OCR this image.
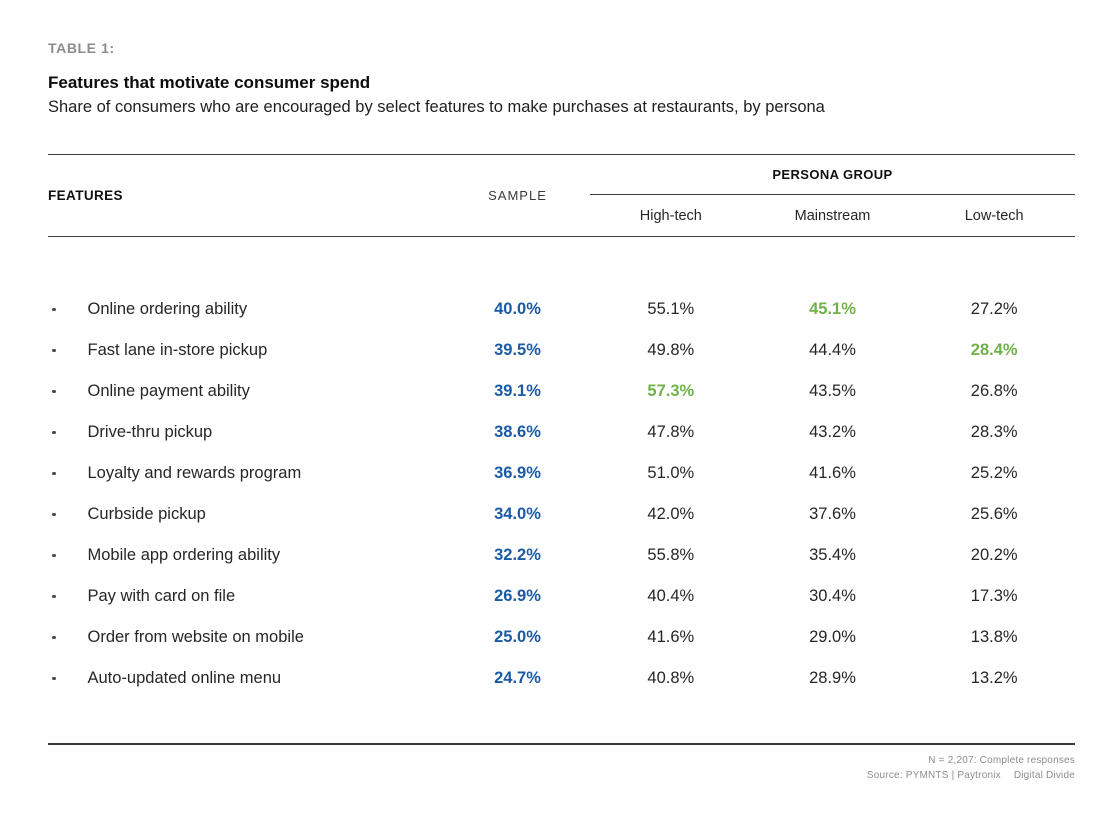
TABLE 1:
Features that motivate consumer spend

Share of consumers who are encouraged by select features to make purchases at restaurants, by persona

FEATURES	SAMPLE
PERSONA GROUP
High-tech	Mainstream	Low-tech
Online ordering ability	40.0%	55.1%	45.1%	27.2%
Fast lane in-store pickup	39.5%	49.8%	44.4%	28.4%
Online payment ability	39.1%	57.3%	43.5%	26.8%
Drive-thru pickup	38.6%	47.8%	43.2%	28.3%
Loyalty and rewards program	36.9%	51.0%	41.6%	25.2%
Curbside pickup	34.0%	42.0%	37.6%	25.6%
Mobile app ordering ability	32.2%	55.8%	35.4%	20.2%
Pay with card on file	26.9%	40.4%	30.4%	17.3%
Order from website on mobile	25.0%	41.6%	29.0%	13.8%
Auto-updated online menu	24.7%	40.8%	28.9%	13.2%
N = 2,207: Complete responses
Source: PYMNTS | Paytronix Digital Divide
